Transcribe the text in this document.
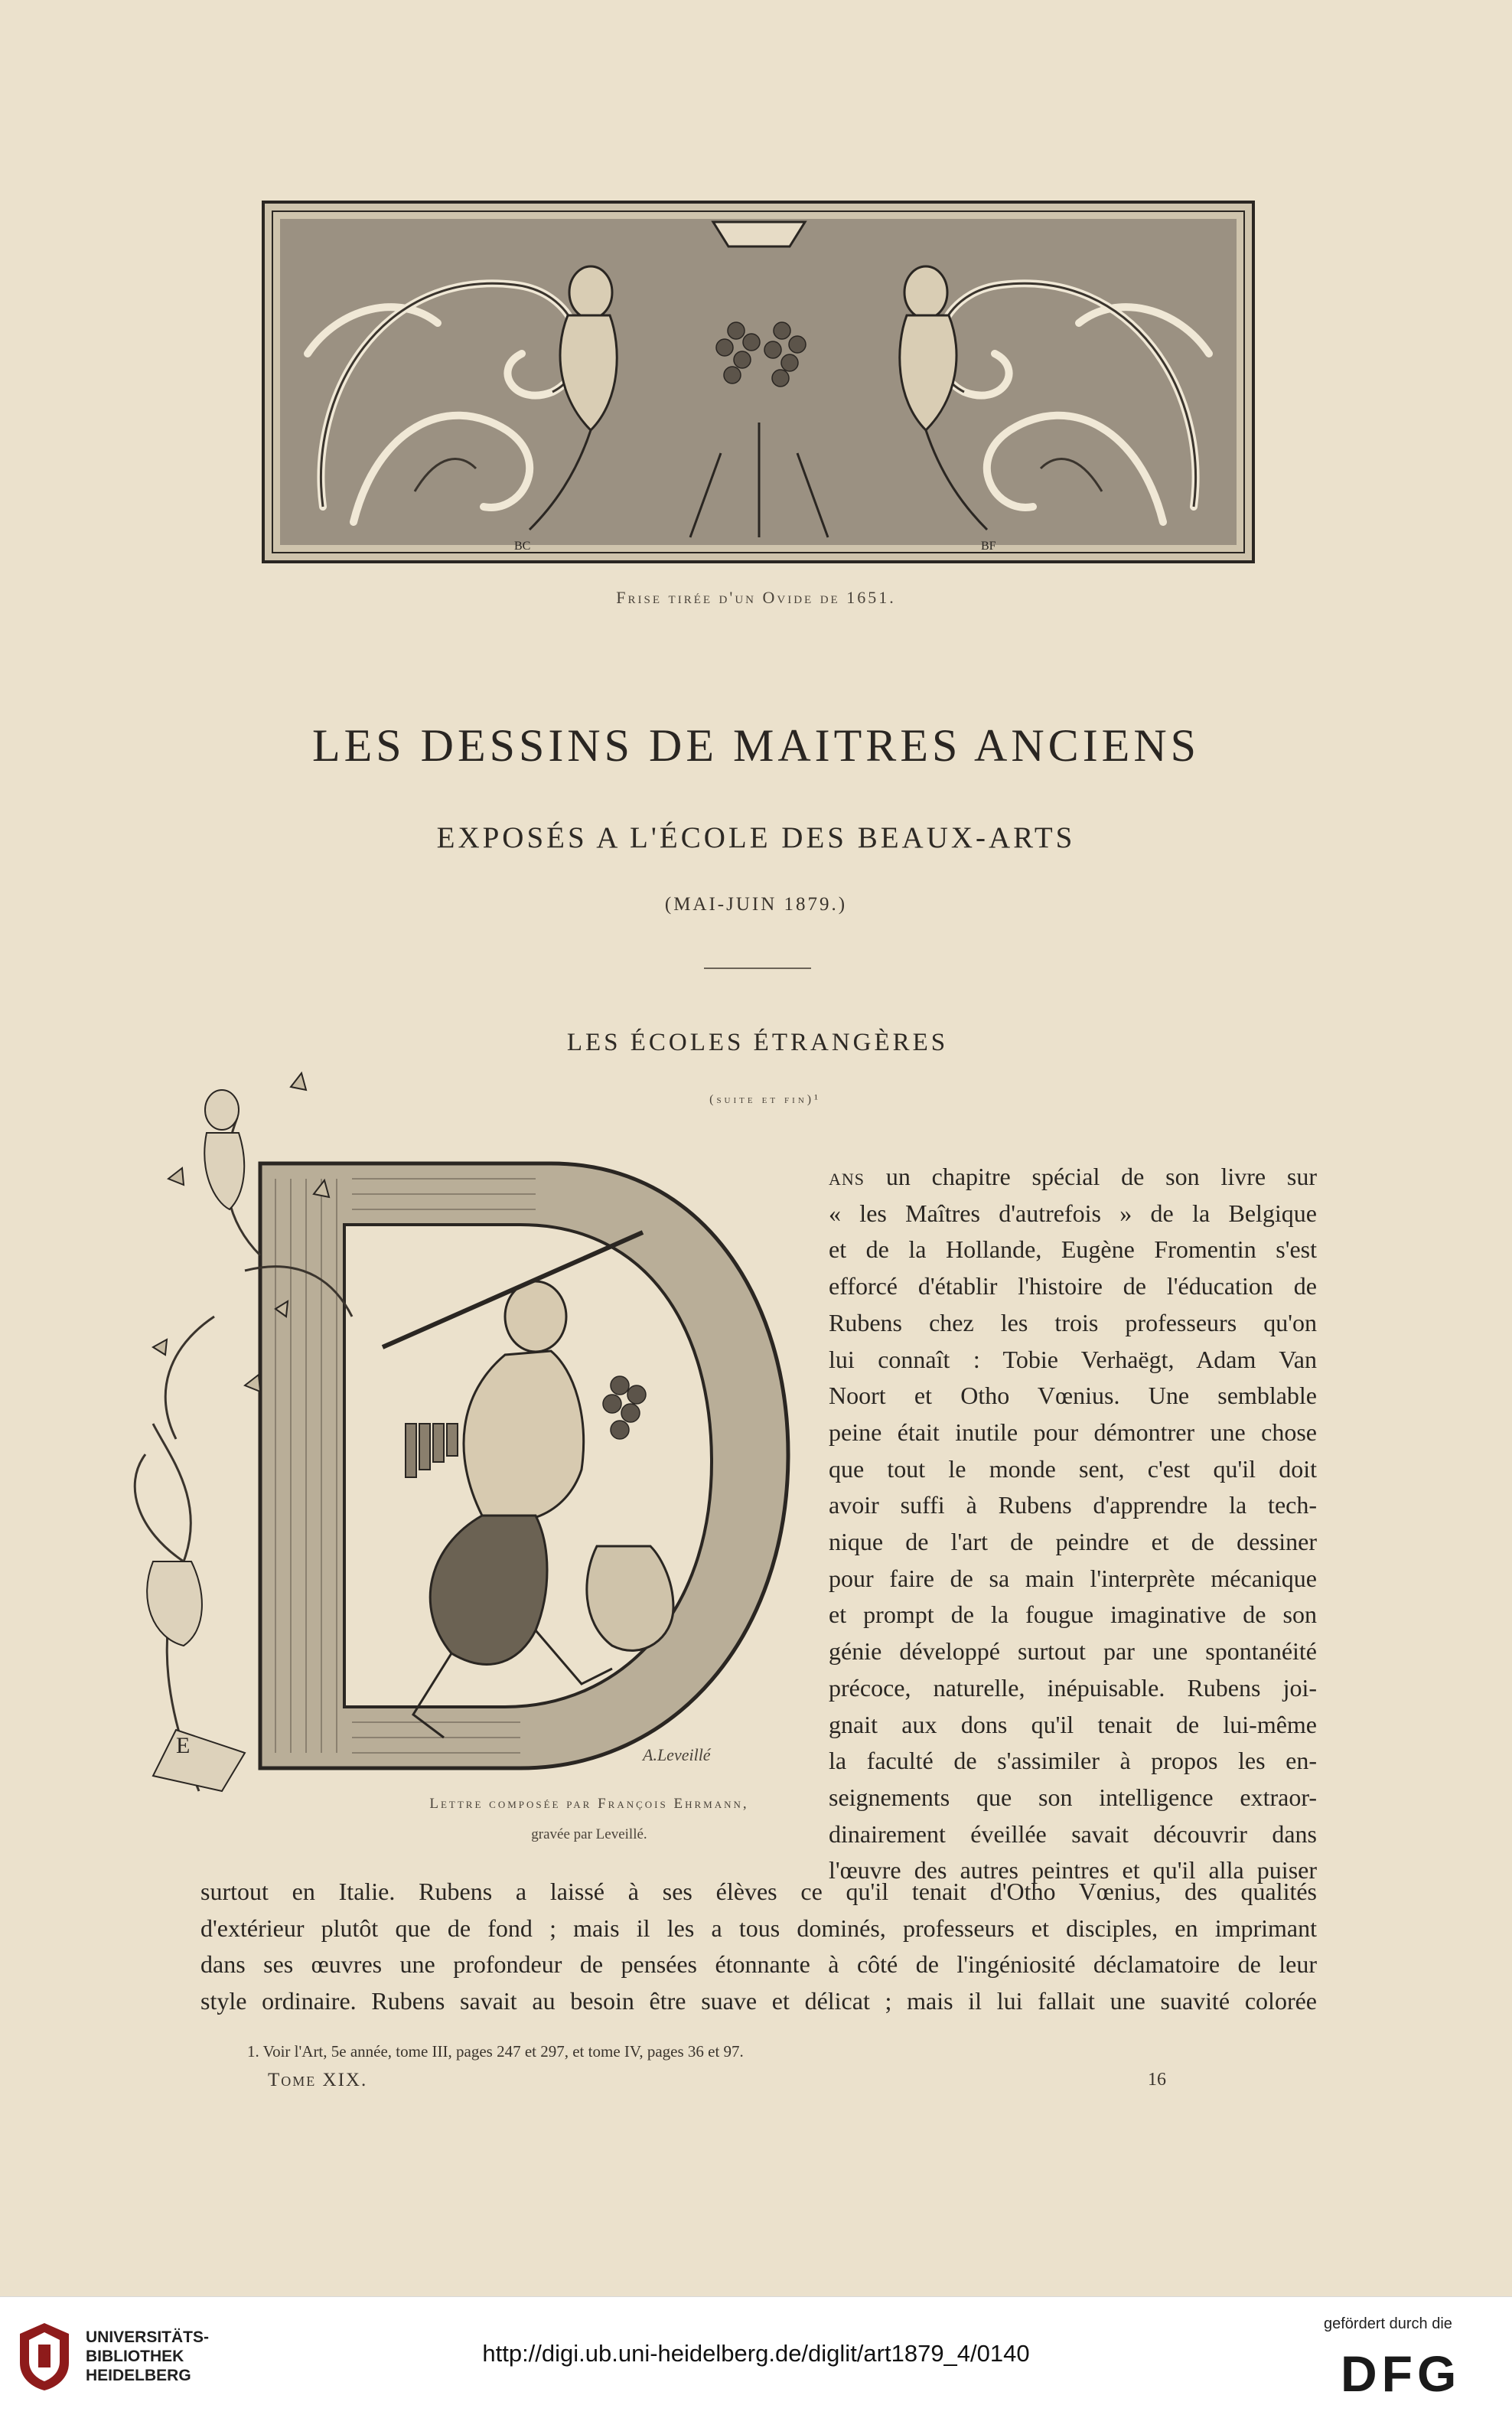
BC	BF
Frise tirée d'un Ovide de 1651.
LES DESSINS DE MAITRES ANCIENS
EXPOSÉS A L'ÉCOLE DES BEAUX-ARTS
(MAI-JUIN 1879.)
LES ÉCOLES ÉTRANGÈRES
(suite et fin)¹
E	A.Leveillé
Lettre composée par François Ehrmann,
gravée par Leveillé.
ans un chapitre spécial de son livre sur
« les Maîtres d'autrefois » de la Belgique
et de la Hollande, Eugène Fromentin s'est
efforcé d'établir l'histoire de l'éducation de
Rubens chez les trois professeurs qu'on
lui connaît : Tobie Verhaëgt, Adam Van
Noort et Otho Vœnius. Une semblable
peine était inutile pour démontrer une chose
que tout le monde sent, c'est qu'il doit
avoir suffi à Rubens d'apprendre la tech-
nique de l'art de peindre et de dessiner
pour faire de sa main l'interprète mécanique
et prompt de la fougue imaginative de son
génie développé surtout par une spontanéité
précoce, naturelle, inépuisable. Rubens joi-
gnait aux dons qu'il tenait de lui-même
la faculté de s'assimiler à propos les en-
seignements que son intelligence extraor-
dinairement éveillée savait découvrir dans
l'œuvre des autres peintres et qu'il alla puiser
surtout en Italie. Rubens a laissé à ses élèves ce qu'il tenait d'Otho Vœnius, des qualités
d'extérieur plutôt que de fond ; mais il les a tous dominés, professeurs et disciples, en imprimant
dans ses œuvres une profondeur de pensées étonnante à côté de l'ingéniosité déclamatoire de leur
style ordinaire. Rubens savait au besoin être suave et délicat ; mais il lui fallait une suavité colorée
1. Voir l'Art, 5e année, tome III, pages 247 et 297, et tome IV, pages 36 et 97.
Tome XIX.	16
UNIVERSITÄTS-
BIBLIOTHEK
HEIDELBERG
http://digi.ub.uni-heidelberg.de/diglit/art1879_4/0140
gefördert durch die
DFG
